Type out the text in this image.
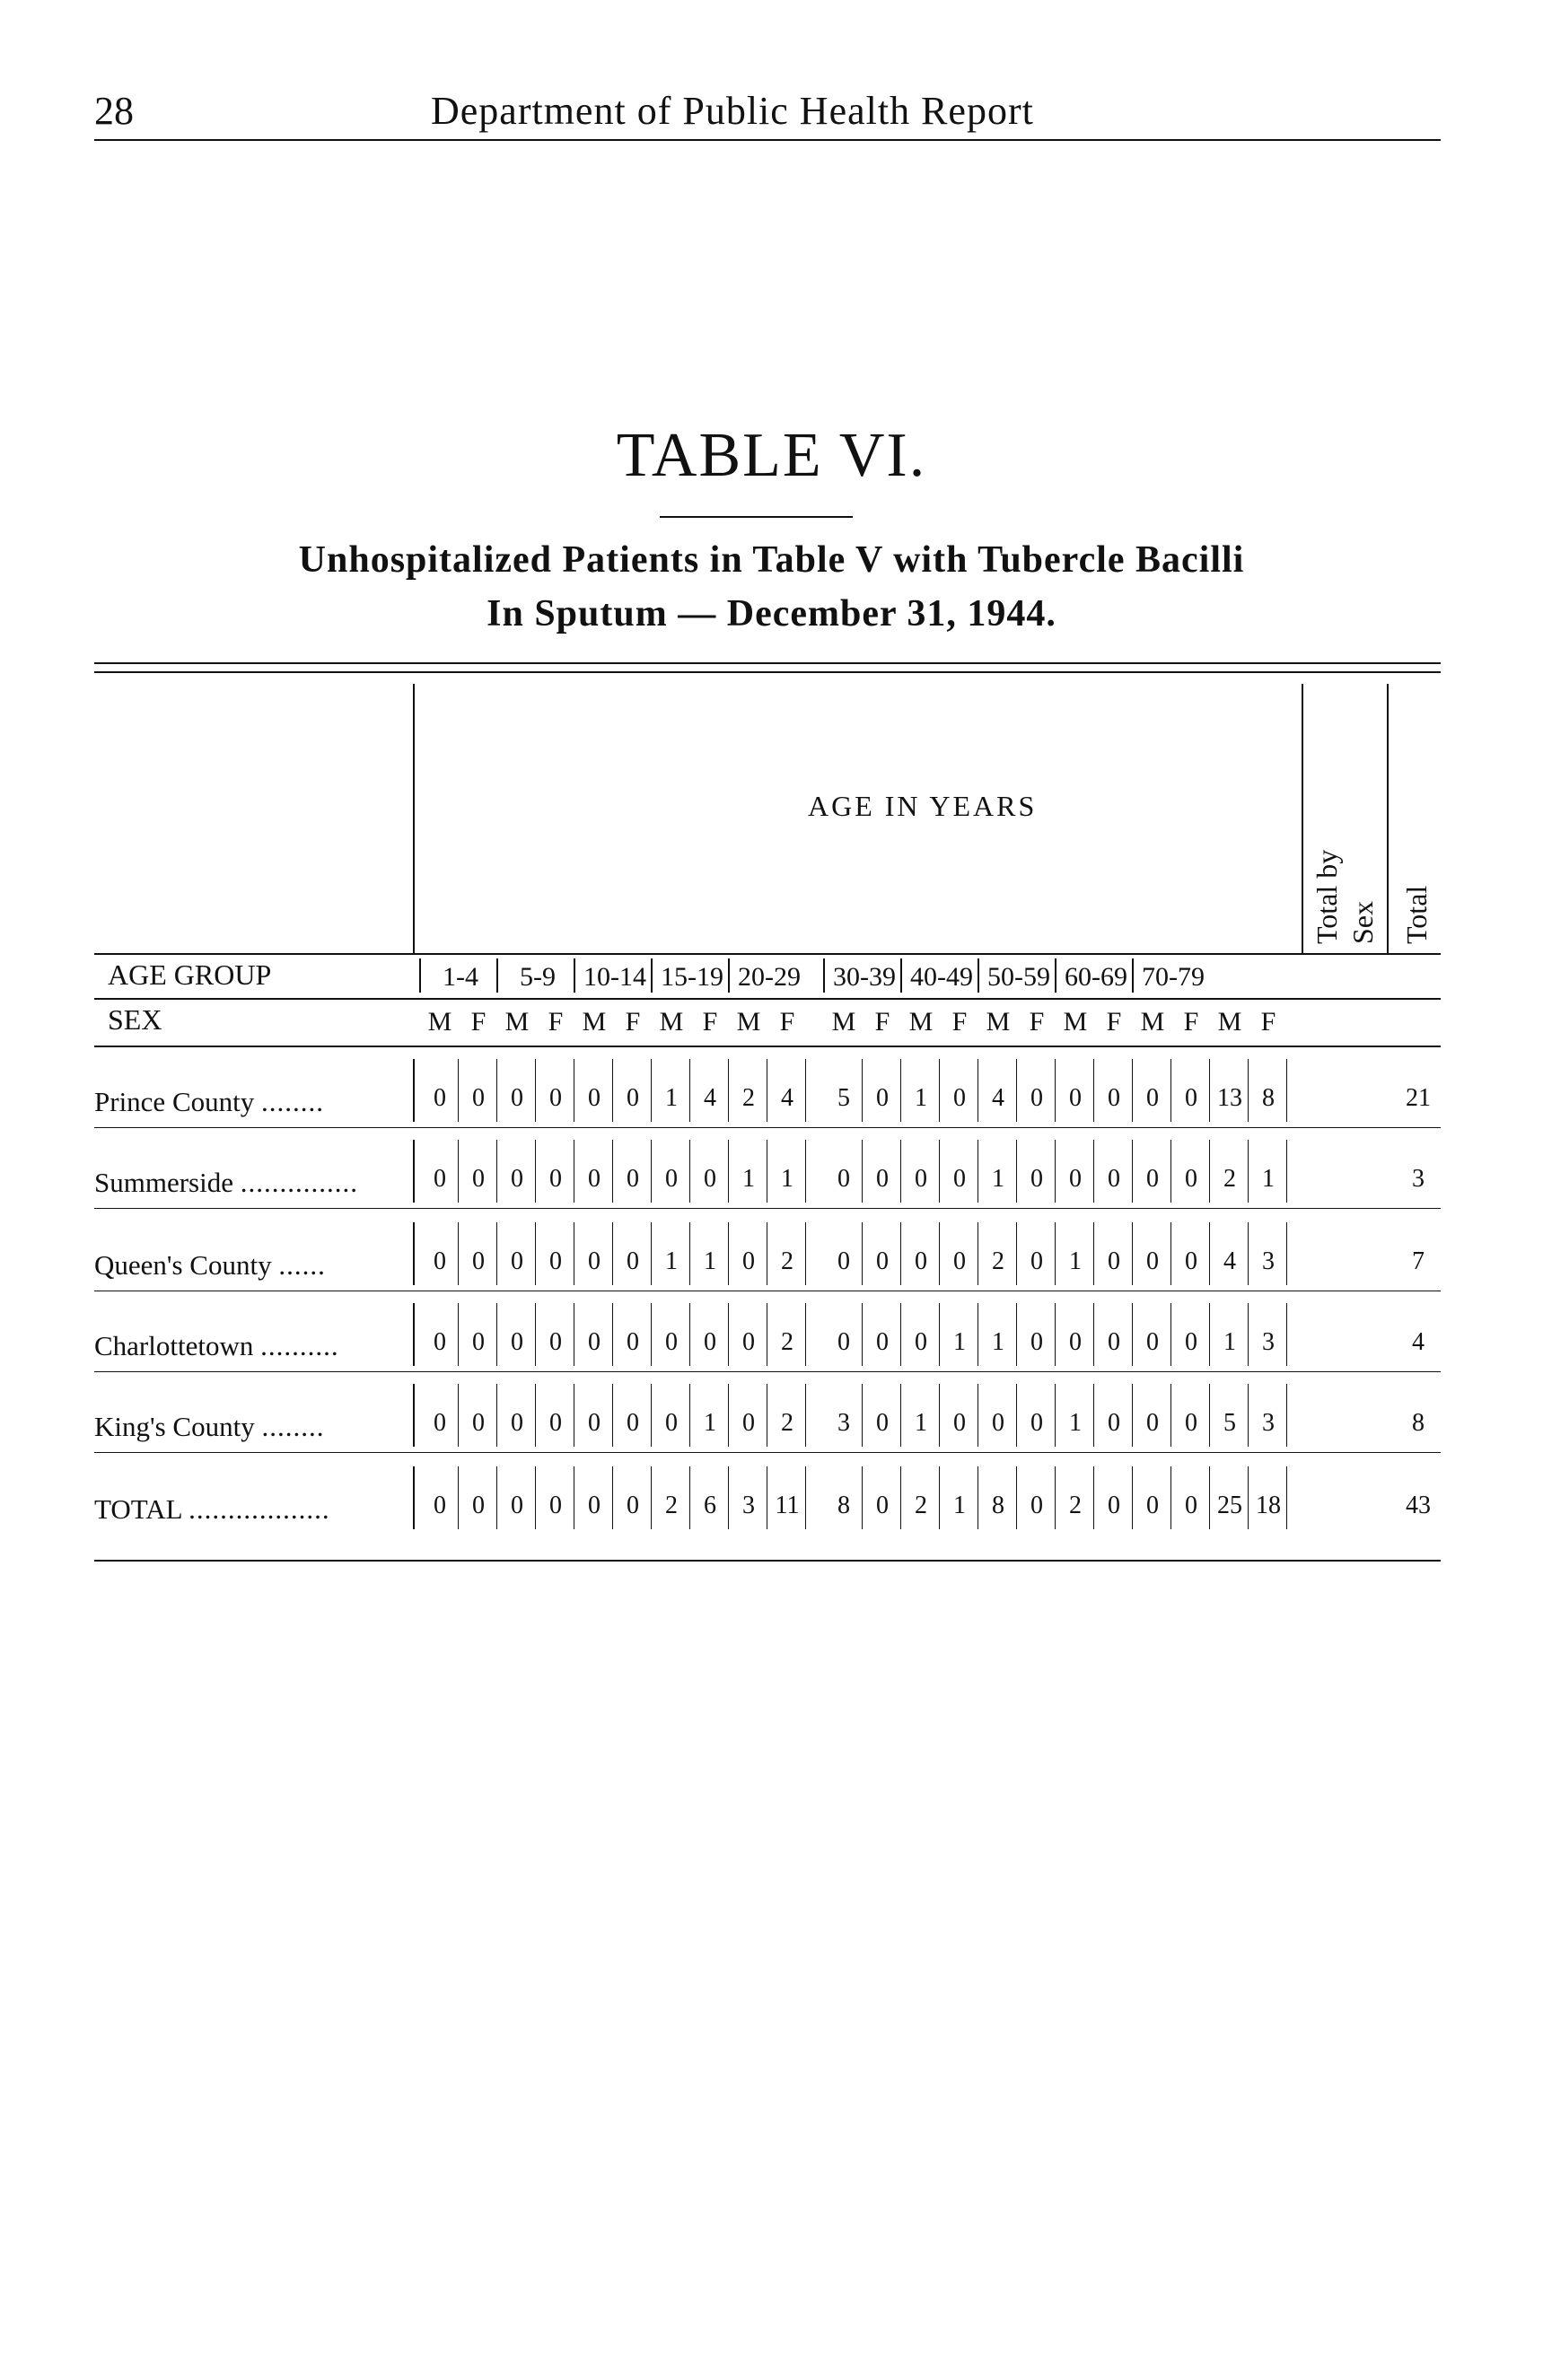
28	Department of Public Health Report
TABLE VI.
Unhospitalized Patients in Table V with Tubercle Bacilli
In Sputum — December 31, 1944.
AGE IN YEARS
Total by Sex Total
AGE GROUP	1-4	5-9	10-14 15-19 20-29 30-39 40-49 50-59 60-69 70-79
SEX	M F M F M F M F M F	M F M F M F M F M F M F
Prince County ........	0	0	0	0	0	0	1	4	2	4	5	0	1	0	4	0	0	0	0	0 13 8	21
Summerside ...............	0	0	0	0	0	0	0	0	1	1	0	0	0	0	1	0	0	0	0	0	2	1	3
Queen's County ......	0	0	0	0	0	0	1	1	0	2	0	0	0	0	2	0	1	0	0	0	4	3	7
Charlottetown ..........	0	0	0	0	0	0	0	0	0	2	0	0	0	1	1	0	0	0	0	0	1	3	4
King's County ........	0	0	0	0	0	0	0	1	0	2	3	0	1	0	0	0	1	0	0	0	5	3	8
TOTAL ..................	0	0	0	0	0	0	2	6	3 11	8	0	2	1	8	0	2	0	0	0 25 18	43
